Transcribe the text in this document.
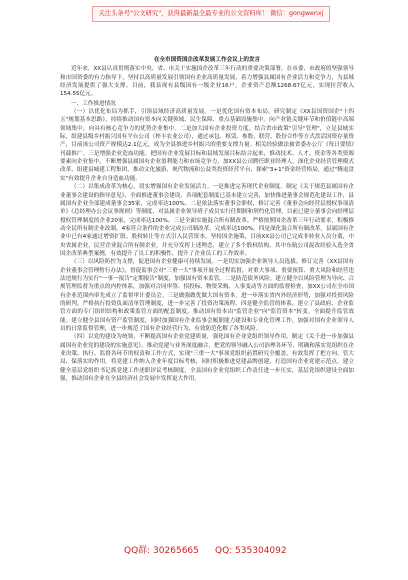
关注头条号"公文研究"，获得最新最全最专业的公文资料库！ 微信：gongwenxj

在全市国资国企改革发展工作会议上的发言

近年来，XX县认真贯彻落实中央、省、市关于实施国企改革三年行动的重要决策部署，在市委、市政府的坚强领导和市国资委的有力指导下，坚持以高质量发展引领国有企业高质量发展，着力增强县属国有企业活力和竞争力，为县域经济发展提供了强大支撑。目前，我县现有县级国有一级企业16户，企业资产总额1268.67亿元，实现拉营收入154.55亿元。

一、工作推进情况

（一）以优化布局为抓手，引领县域经济高质量发展。一是优化国有资本布局。研究制定《XX县国资国企"十四五"规划基本思路》，持续推动国有资本向关键领域、民生保障、重点基础设施集中。向产业链关键环节和价值链中高端领域集中，向具有核心竞争力的优势企业集中。二是加大国有企业投资力度。结合省市政策"引导"管理"，立足县域实际，组建县级乡村振兴国有平台公司（梓丰农业公司），通过承包、租赁、参股、联营、股份合作等方式盘活国资存量资产，目前该公司资产规模达2.1亿元，成为全县推进乡村振兴的重要支撑力量。相关经验做法被省委办公厅《每日要情》刊载推广。三是增强企业造血功能。把国有企业发展目标和县域发展目标结合起来，推动技术、人才、资金等各类资源要素向企业集中，不断增强县属国有企业盈利能力和市场竞争力，加XX县公司聘任职业经理人，深化企业经营管理模式改革，组建县城建工程集团，推动文化旅游、现代物流和公益类投资经营平台，探索"3+1"资金经营格局，通过"腾退盘实"有效提升企业自身造血功能。

（二）以集成改革为核心，切实增强国有企业发展活力。一是推进完善现代企业制度。制定《关于规范县属国有企业董事会建设的指导意见》，全面推进董事会建设，各项配套制度已基本建立完善，加快推进董事会规范化建设工作，县属国有企业全部建成董事会35家，完成率达100%。二是依法落实董事会职权，修订完善《董事会向经营层授权事项清单》《总经理办公会议事规则》等制度，对县属企业领导班子成员实行任期制和契约化管理，目前已建立董事会向经理层授权管理制度的企业20家，完成率达100%。三是全面实施混合所有制改革。严格按照国企改革三年行动要求，积极推动全民所有制企业改制，4家符合条件的企业完成公司制改革，完成率达100%。四是深化混合所有制改革，县属国有企业中已有4家通过增资扩股、股权转让等方式引入民营资本，坚持因企施策，目前XX县公司已完成非转业人员分离，中央省属企业，民营企业混合所有制企业，并充分发挥上述理念，建立了多个股权结构，其中东航公司混改经验入选全省国企改革典型案例，有效提升了员工的积极性，提升了企业员工的工作效率。

（三）以风险防控为支撑，促进国有企业健康可持续发展。一是切实加强企业领导人员选拔。修订完善《XX县国有企业董事会管理暂行办法》，督促监事会对"三重一大"事项开展全过程监督，对重大事项、重要预算、重大风险和经营违法违规行为实行"一事一报告"定期报告"制度，加强国有资本监管。二是防范债务风险。建立健全以风险管理为导向、合规管理监督为重点的内控体系，加强对合同审签、招投标、物资采购、人事变动等方面的监督检查，加XX公司在全市国有企业范围内率先成立了监督审计委员会。三是做强做优做大国有资本，进一步落实省内外经济形势，加强对投资风险的研判，严格执行投资负面清单管理制度，进一步完善了投资决策流程。四是健全监管的体系，建立了县政府、企业监管方面的专门组织结构和政策监管方面的配套制度，推动国有资本由"监管企业"向"监管资本"转变，全面提升监管效能。建立健全县国有资产监管制度，同时加强国有企业监事会履职能力建设和专业化管理工作，加强对国有企业领导人员的日常监督管理，进一步规范了国有企业经营行为，有效防范化解了各类风险。

（四）以党的建设为统领，不断提高国有企业党建质量，强化国有企业党组织领导作用。制定《关于进一步加强县属国有企业党的建设的实施意见》，推动党建与业务深度融合，把党的领导融入公司治理各环节，明确和落实党组织在企业决策、执行、监督各环节的权责和工作方式，实现"三重一大"事项党组织前置研究全覆盖，有效发挥了把方向、管大局、保落实的作用。将党建工作纳入企业年度目标考核，同时积极推进党建品牌创建，打造国有企业党建示范点，建立健全基层党组织书记抓党建工作述职评议考核制度，全县国有企业党组织工作责任进一步压实，基层党组织建设全面加强，推动国有企业在全县经济社会发展中发挥更大作用。

QQ群: 30265665 QQ: 535304092
